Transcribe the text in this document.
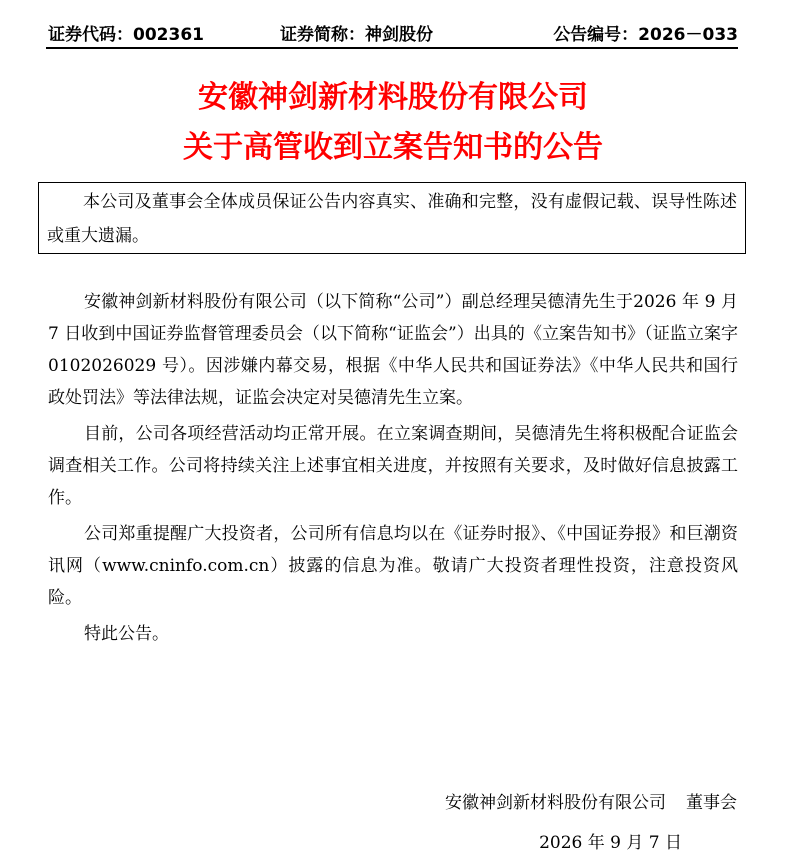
证券代码：002361	证券简称：神剑股份	公告编号：2026－033
安徽神剑新材料股份有限公司
关于高管收到立案告知书的公告

本公司及董事会全体成员保证公告内容真实、准确和完整，没有虚假记载、误导性陈述或重大遗漏。

安徽神剑新材料股份有限公司（以下简称“公司”）副总经理吴德清先生于2026 年 9 月 7 日收到中国证券监督管理委员会（以下简称“证监会”）出具的《立案告知书》（证监立案字 0102026029 号）。因涉嫌内幕交易，根据《中华人民共和国证券法》《中华人民共和国行政处罚法》等法律法规，证监会决定对吴德清先生立案。

目前，公司各项经营活动均正常开展。在立案调查期间，吴德清先生将积极配合证监会调查相关工作。公司将持续关注上述事宜相关进度，并按照有关要求，及时做好信息披露工作。

公司郑重提醒广大投资者，公司所有信息均以在《证券时报》、《中国证券报》和巨潮资讯网（www.cninfo.com.cn）披露的信息为准。敬请广大投资者理性投资，注意投资风险。

特此公告。

安徽神剑新材料股份有限公司 董事会
2026 年 9 月 7 日
